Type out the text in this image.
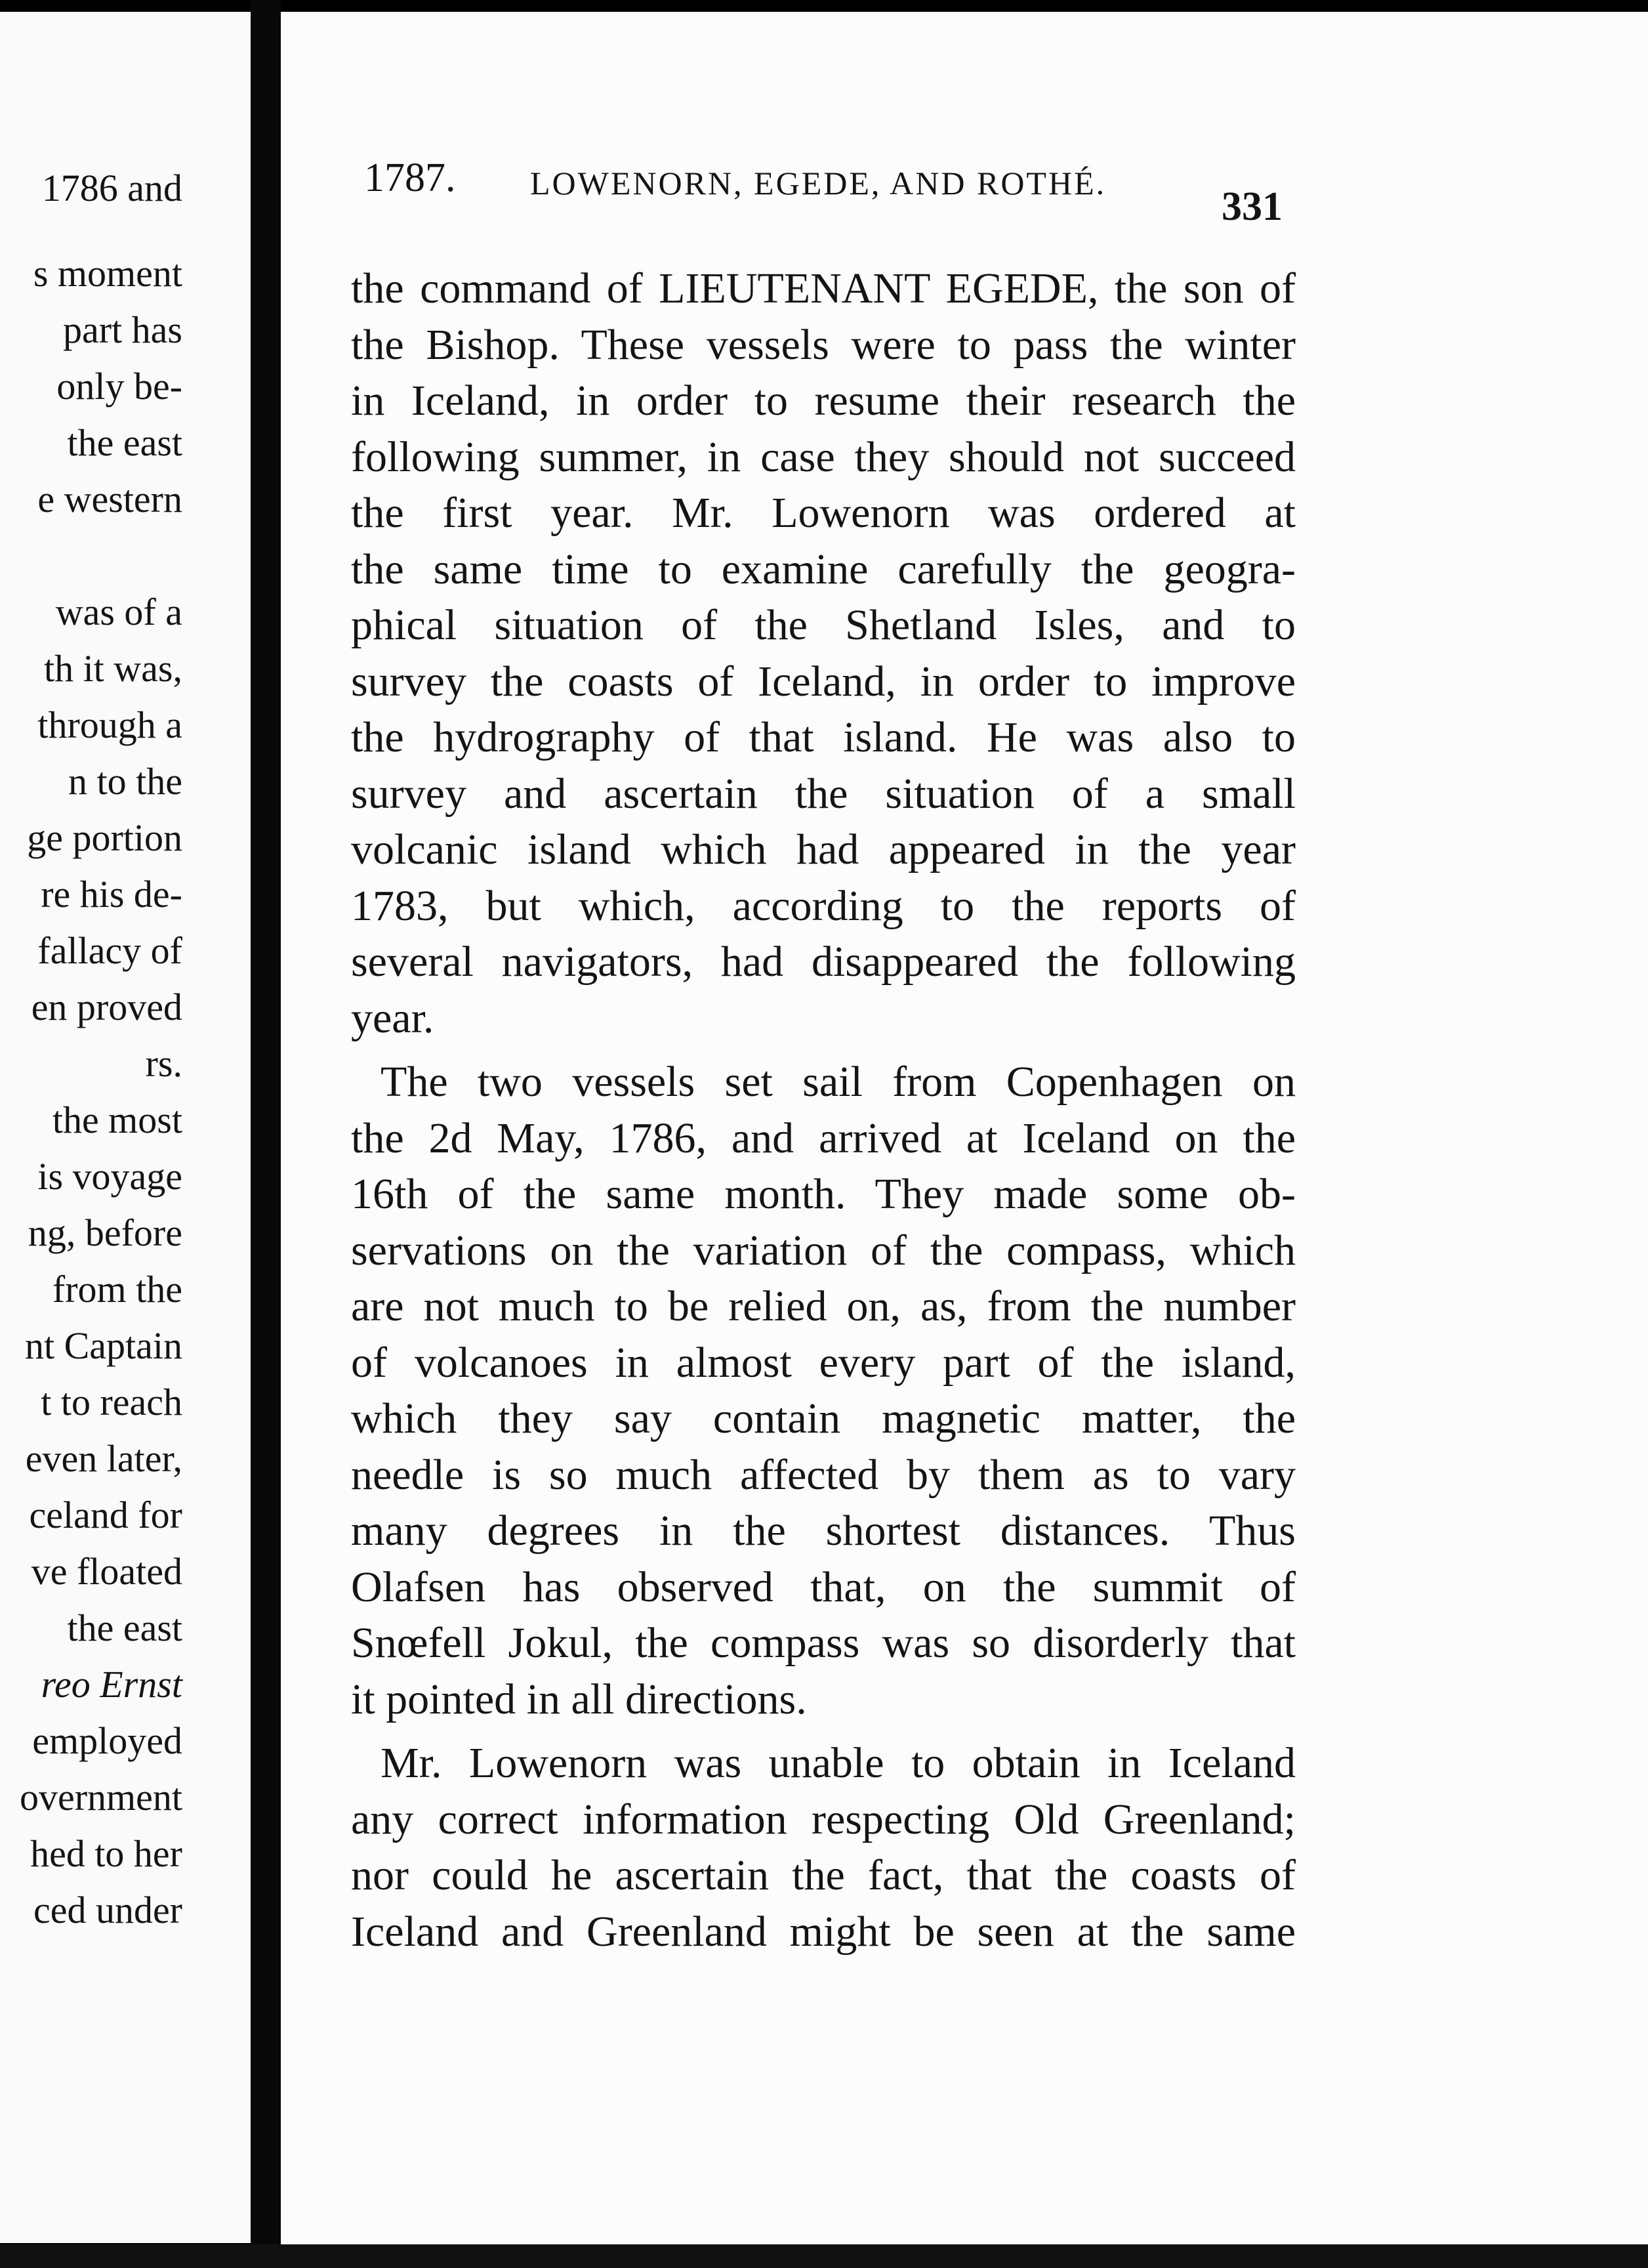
1786 and
s moment
part has
only be-
the east
e western
was of a
th it was,
through a
n to the
ge portion
re his de-
fallacy of
en proved
rs.
the most
is voyage
ng, before
from the
nt Captain
t to reach
even later,
celand for
ve floated
the east
reo Ernst
employed
overnment
hed to her
ced under
1787. LOWENORN, EGEDE, AND ROTHÉ.
331
the command of LIEUTENANT EGEDE, the son of
the Bishop. These vessels were to pass the winter
in Iceland, in order to resume their research the
following summer, in case they should not succeed
the first year. Mr. Lowenorn was ordered at
the same time to examine carefully the geogra-
phical situation of the Shetland Isles, and to
survey the coasts of Iceland, in order to improve
the hydrography of that island. He was also to
survey and ascertain the situation of a small
volcanic island which had appeared in the year
1783, but which, according to the reports of
several navigators, had disappeared the following
year.
The two vessels set sail from Copenhagen on
the 2d May, 1786, and arrived at Iceland on the
16th of the same month. They made some ob-
servations on the variation of the compass, which
are not much to be relied on, as, from the number
of volcanoes in almost every part of the island,
which they say contain magnetic matter, the
needle is so much affected by them as to vary
many degrees in the shortest distances. Thus
Olafsen has observed that, on the summit of
Snœfell Jokul, the compass was so disorderly that
it pointed in all directions.
Mr. Lowenorn was unable to obtain in Iceland
any correct information respecting Old Greenland;
nor could he ascertain the fact, that the coasts of
Iceland and Greenland might be seen at the same
